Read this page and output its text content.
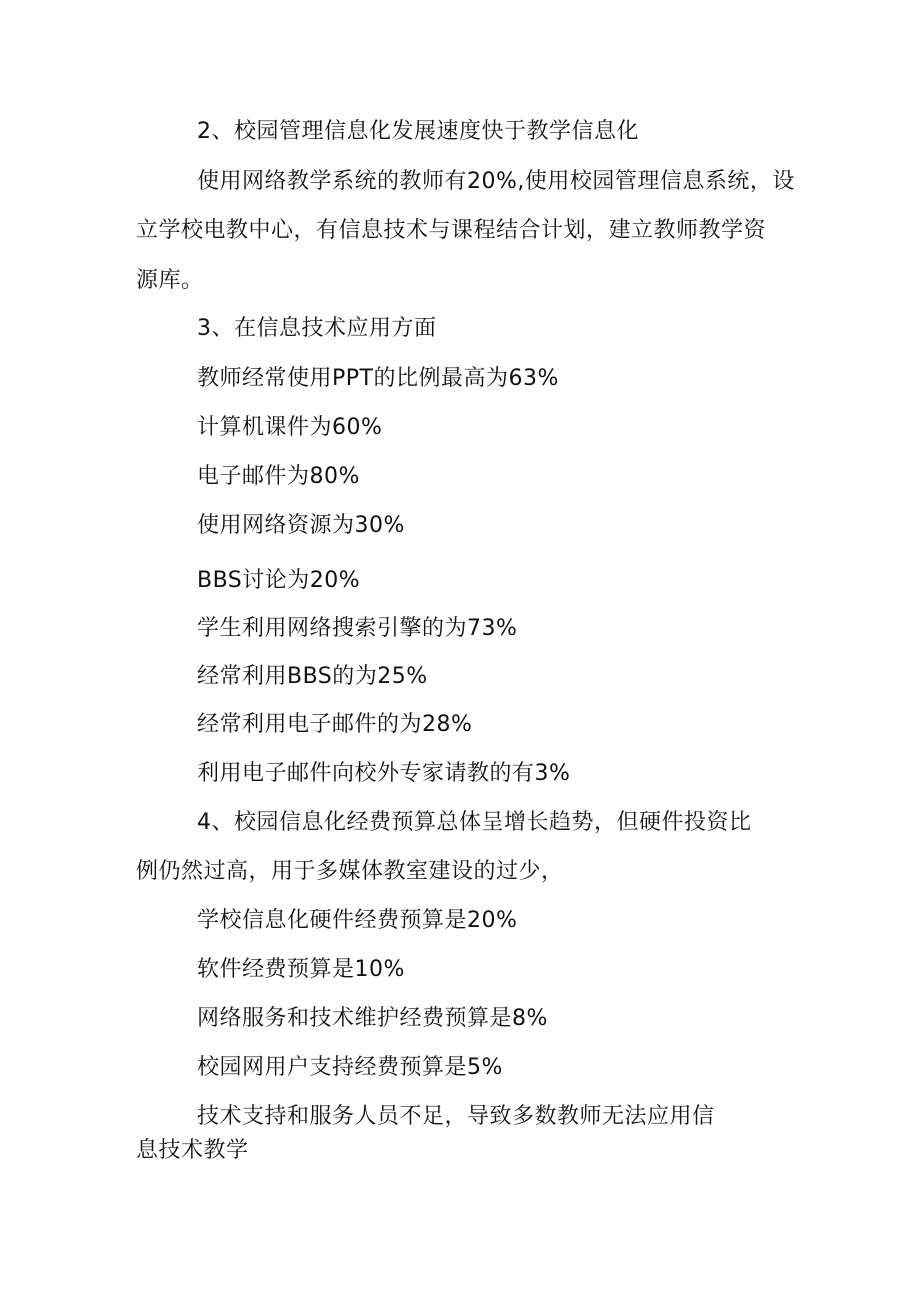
2、校园管理信息化发展速度快于教学信息化
使用网络教学系统的教师有20%,使用校园管理信息系统，设
立学校电教中心，有信息技术与课程结合计划，建立教师教学资
源库。
3、在信息技术应用方面
教师经常使用PPT的比例最高为63%
计算机课件为60%
电子邮件为80%
使用网络资源为30%
BBS讨论为20%
学生利用网络搜索引擎的为73%
经常利用BBS的为25%
经常利用电子邮件的为28%
利用电子邮件向校外专家请教的有3%
4、校园信息化经费预算总体呈增长趋势，但硬件投资比
例仍然过高，用于多媒体教室建设的过少，
学校信息化硬件经费预算是20%
软件经费预算是10%
网络服务和技术维护经费预算是8%
校园网用户支持经费预算是5%
技术支持和服务人员不足，导致多数教师无法应用信
息技术教学
